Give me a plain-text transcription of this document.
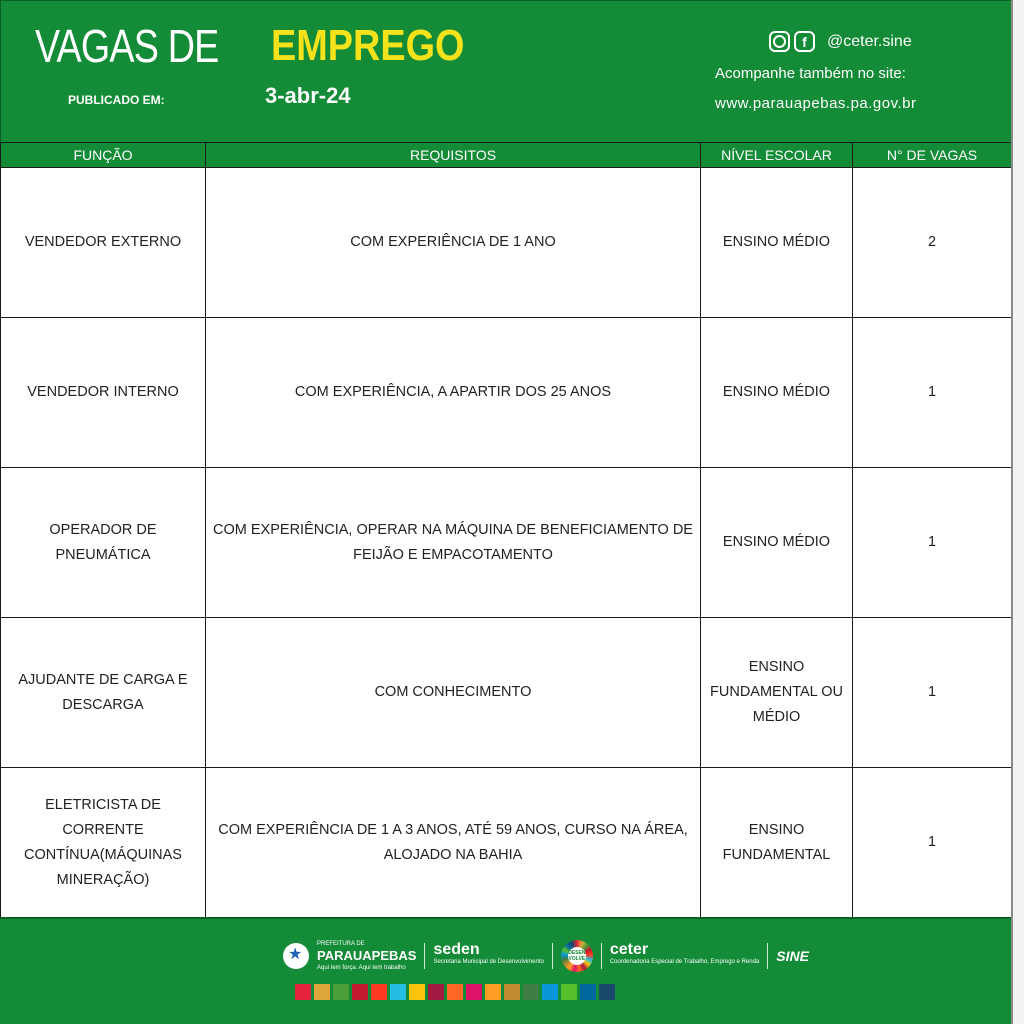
VAGAS DE EMPREGO
PUBLICADO EM:	3-abr-24
f	@ceter.sine
Acompanhe também no site:
www.parauapebas.pa.gov.br
FUNÇÃO	REQUISITOS	NÍVEL ESCOLAR	N° DE VAGAS
VENDEDOR EXTERNO	COM EXPERIÊNCIA DE 1 ANO	ENSINO MÉDIO	2
VENDEDOR INTERNO	COM EXPERIÊNCIA, A APARTIR DOS 25 ANOS	ENSINO MÉDIO	1
OPERADOR DE PNEUMÁTICA	COM EXPERIÊNCIA, OPERAR NA MÁQUINA DE BENEFICIAMENTO DE FEIJÃO E EMPACOTAMENTO	ENSINO MÉDIO	1
AJUDANTE DE CARGA E DESCARGA	COM CONHECIMENTO	ENSINO FUNDAMENTAL OU MÉDIO	1
ELETRICISTA DE CORRENTE CONTÍNUA(MÁQUINAS MINERAÇÃO)	COM EXPERIÊNCIA DE 1 A 3 ANOS, ATÉ 59 ANOS, CURSO NA ÁREA, ALOJADO NA BAHIA	ENSINO FUNDAMENTAL	1
★
PREFEITURA DE
PARAUAPEBAS
Aqui tem força. Aqui tem trabalho
seden
Secretaria Municipal de Desenvolvimento
DESEN VOLVE
ceter
Coordenadoria Especial de Trabalho, Emprego e Renda SINE
